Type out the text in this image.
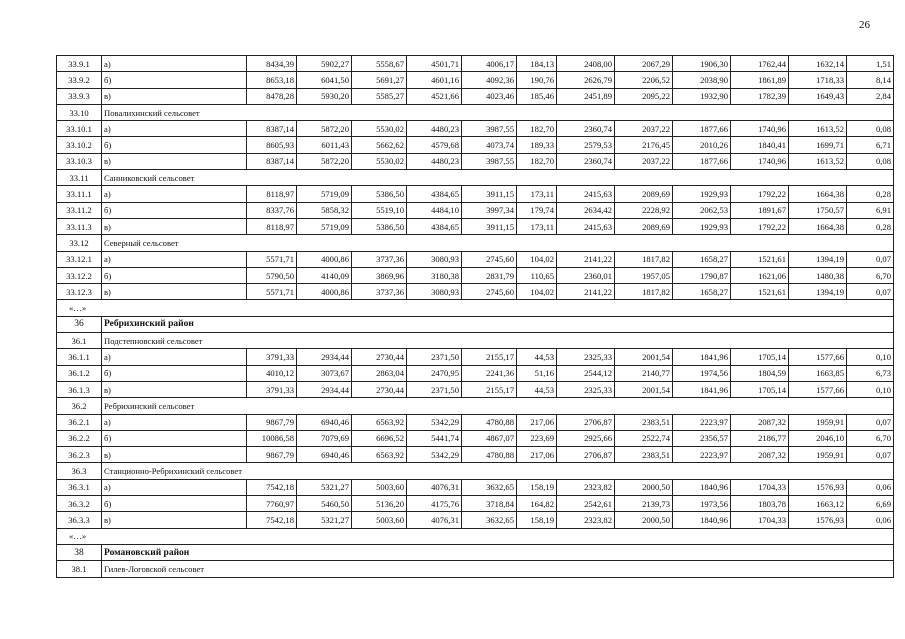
26
33.9.1	а)	8434,39	5902,27	5558,67	4501,71	4006,17	184,13	2408,00	2067,29	1906,30	1762,44	1632,14	1,51
33.9.2	б)	8653,18	6041,50	5691,27	4601,16	4092,36	190,76	2626,79	2206,52	2038,90	1861,89	1718,33	8,14
33.9.3	в)	8478,28	5930,20	5585,27	4521,66	4023,46	185,46	2451,89	2095,22	1932,90	1782,39	1649,43	2,84
33.10	Повалихинский сельсовет												
33.10.1	а)	8387,14	5872,20	5530,02	4480,23	3987,55	182,70	2360,74	2037,22	1877,66	1740,96	1613,52	0,08
33.10.2	б)	8605,93	6011,43	5662,62	4579,68	4073,74	189,33	2579,53	2176,45	2010,26	1840,41	1699,71	6,71
33.10.3	в)	8387,14	5872,20	5530,02	4480,23	3987,55	182,70	2360,74	2037,22	1877,66	1740,96	1613,52	0,08
33.11	Санниковский сельсовет												
33.11.1	а)	8118,97	5719,09	5386,50	4384,65	3911,15	173,11	2415,63	2089,69	1929,93	1792,22	1664,38	0,28
33.11.2	б)	8337,76	5858,32	5519,10	4484,10	3997,34	179,74	2634,42	2228,92	2062,53	1891,67	1750,57	6,91
33.11.3	в)	8118,97	5719,09	5386,50	4384,65	3911,15	173,11	2415,63	2089,69	1929,93	1792,22	1664,38	0,28
33.12	Северный сельсовет												
33.12.1	а)	5571,71	4000,86	3737,36	3080,93	2745,60	104,02	2141,22	1817,82	1658,27	1521,61	1394,19	0,07
33.12.2	б)	5790,50	4140,09	3869,96	3180,38	2831,79	110,65	2360,01	1957,05	1790,87	1621,06	1480,38	6,70
33.12.3	в)	5571,71	4000,86	3737,36	3080,93	2745,60	104,02	2141,22	1817,82	1658,27	1521,61	1394,19	0,07
«…»													
36	Ребрихинский район												
36.1	Подстепновский сельсовет												
36.1.1	а)	3791,33	2934,44	2730,44	2371,50	2155,17	44,53	2325,33	2001,54	1841,96	1705,14	1577,66	0,10
36.1.2	б)	4010,12	3073,67	2863,04	2470,95	2241,36	51,16	2544,12	2140,77	1974,56	1804,59	1663,85	6,73
36.1.3	в)	3791,33	2934,44	2730,44	2371,50	2155,17	44,53	2325,33	2001,54	1841,96	1705,14	1577,66	0,10
36.2	Ребрихинский сельсовет												
36.2.1	а)	9867,79	6940,46	6563,92	5342,29	4780,88	217,06	2706,87	2383,51	2223,97	2087,32	1959,91	0,07
36.2.2	б)	10086,58	7079,69	6696,52	5441,74	4867,07	223,69	2925,66	2522,74	2356,57	2186,77	2046,10	6,70
36.2.3	в)	9867,79	6940,46	6563,92	5342,29	4780,88	217,06	2706,87	2383,51	2223,97	2087,32	1959,91	0,07
36.3	Станционно-Ребрихинский сельсовет												
36.3.1	а)	7542,18	5321,27	5003,60	4076,31	3632,65	158,19	2323,82	2000,50	1840,96	1704,33	1576,93	0,06
36.3.2	б)	7760,97	5460,50	5136,20	4175,76	3718,84	164,82	2542,61	2139,73	1973,56	1803,78	1663,12	6,69
36.3.3	в)	7542,18	5321,27	5003,60	4076,31	3632,65	158,19	2323,82	2000,50	1840,96	1704,33	1576,93	0,06
«…»													
38	Романовский район												
38.1	Гилев-Логовской сельсовет												
